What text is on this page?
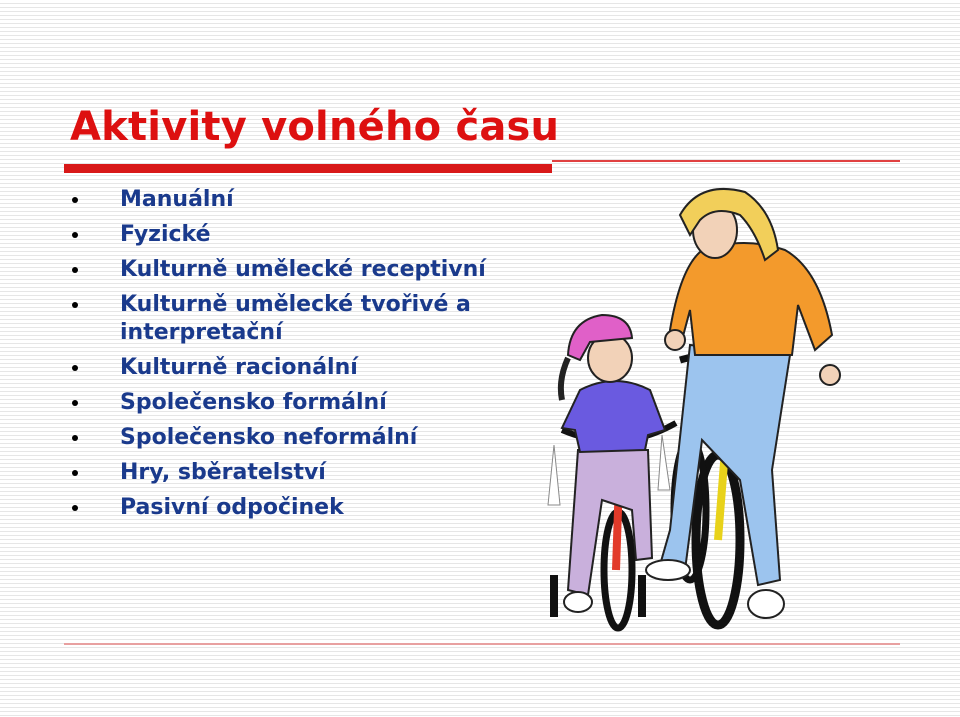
Aktivity volného času
Manuální
Fyzické
Kulturně umělecké receptivní
Kulturně umělecké tvořivé a interpretační
Kulturně racionální
Společensko formální
Společensko neformální
Hry, sběratelství
Pasivní odpočinek
